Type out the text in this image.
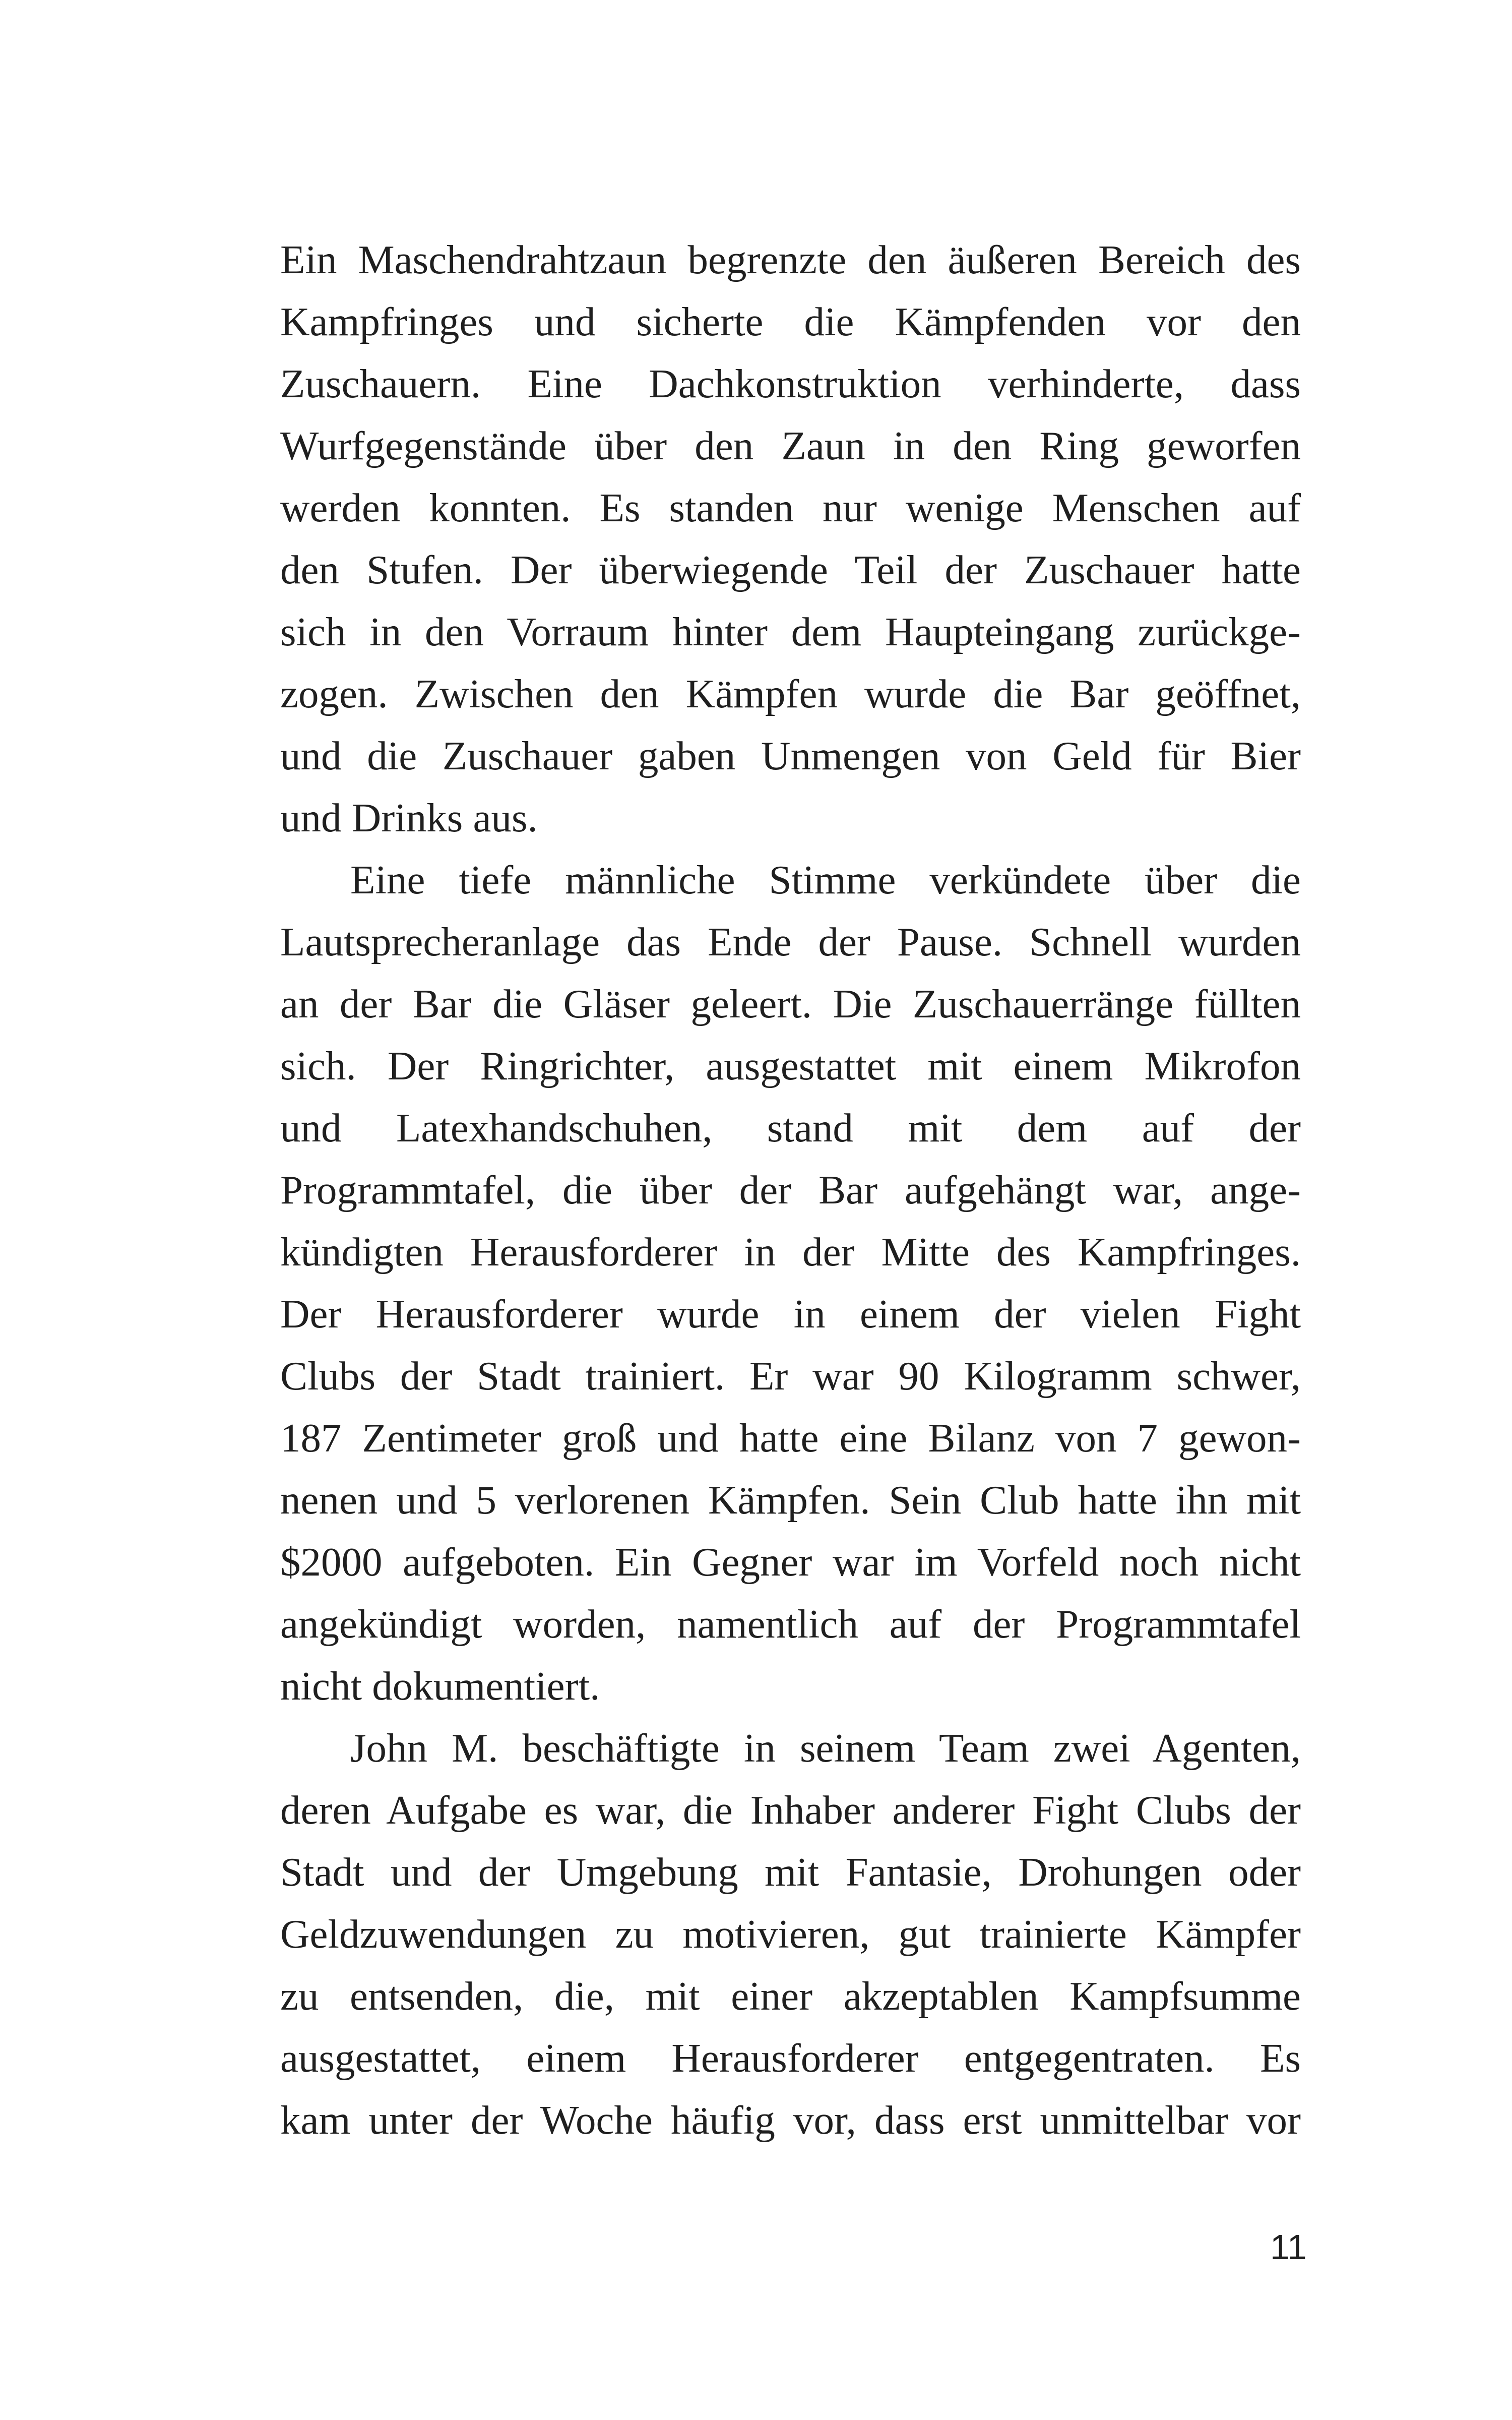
Ein Maschendrahtzaun begrenzte den äußeren Bereich des
Kampfringes und sicherte die Kämpfenden vor den
Zuschauern. Eine Dachkonstruktion verhinderte, dass
Wurfgegenstände über den Zaun in den Ring geworfen
werden konnten. Es standen nur wenige Menschen auf
den Stufen. Der überwiegende Teil der Zuschauer hatte
sich in den Vorraum hinter dem Haupteingang zurückge-
zogen. Zwischen den Kämpfen wurde die Bar geöffnet,
und die Zuschauer gaben Unmengen von Geld für Bier
und Drinks aus.
Eine tiefe männliche Stimme verkündete über die
Lautsprecheranlage das Ende der Pause. Schnell wurden
an der Bar die Gläser geleert. Die Zuschauerränge füllten
sich. Der Ringrichter, ausgestattet mit einem Mikrofon
und Latexhandschuhen, stand mit dem auf der
Programmtafel, die über der Bar aufgehängt war, ange-
kündigten Herausforderer in der Mitte des Kampfringes.
Der Herausforderer wurde in einem der vielen Fight
Clubs der Stadt trainiert. Er war 90 Kilogramm schwer,
187 Zentimeter groß und hatte eine Bilanz von 7 gewon-
nenen und 5 verlorenen Kämpfen. Sein Club hatte ihn mit
$2000 aufgeboten. Ein Gegner war im Vorfeld noch nicht
angekündigt worden, namentlich auf der Programmtafel
nicht dokumentiert.
John M. beschäftigte in seinem Team zwei Agenten,
deren Aufgabe es war, die Inhaber anderer Fight Clubs der
Stadt und der Umgebung mit Fantasie, Drohungen oder
Geldzuwendungen zu motivieren, gut trainierte Kämpfer
zu entsenden, die, mit einer akzeptablen Kampfsumme
ausgestattet, einem Herausforderer entgegentraten. Es
kam unter der Woche häufig vor, dass erst unmittelbar vor
11
